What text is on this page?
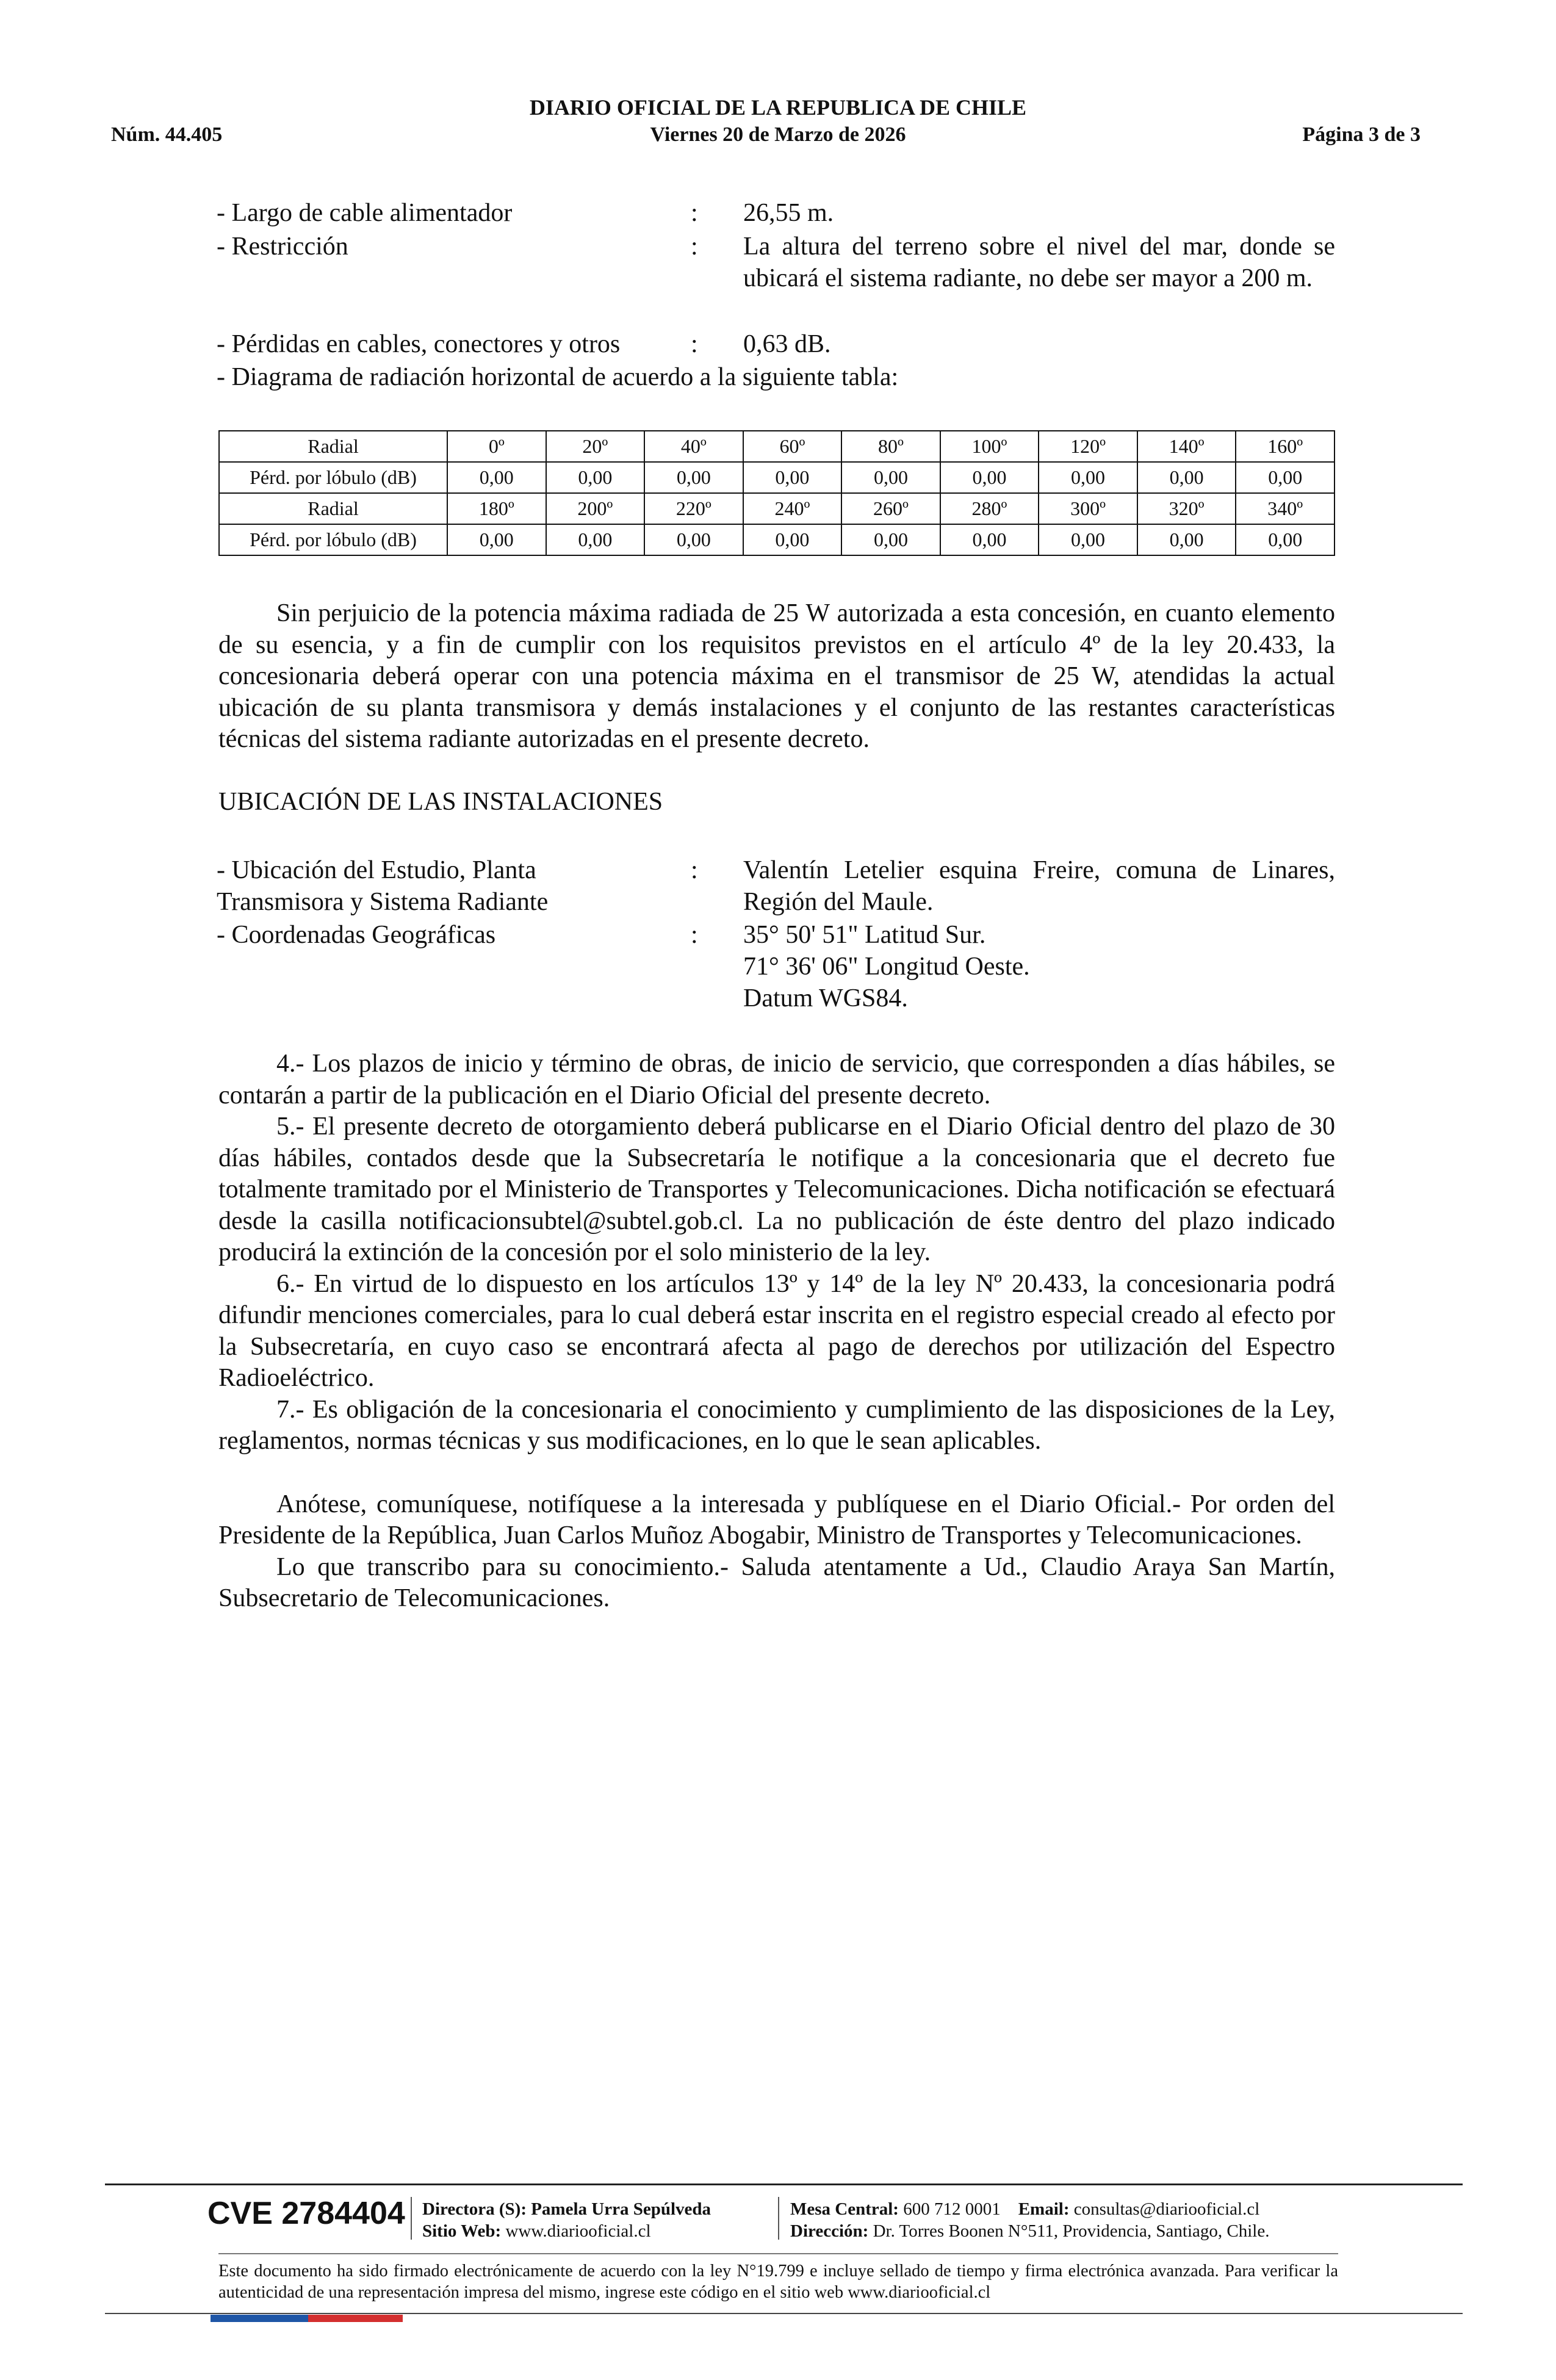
DIARIO OFICIAL DE LA REPUBLICA DE CHILE
Núm. 44.405	Viernes 20 de Marzo de 2026	Página 3 de 3
- Largo de cable alimentador	: 26,55 m.
- Restricción	: La altura del terreno sobre el nivel del mar, donde se ubicará el sistema radiante, no debe ser mayor a 200 m.
- Pérdidas en cables, conectores y otros	: 0,63 dB.
- Diagrama de radiación horizontal de acuerdo a la siguiente tabla:
Radial	0º	20º	40º	60º	80º	100º	120º	140º	160º
Pérd. por lóbulo (dB)	0,00	0,00	0,00	0,00	0,00	0,00	0,00	0,00	0,00
Radial	180º	200º	220º	240º	260º	280º	300º	320º	340º
Pérd. por lóbulo (dB)	0,00	0,00	0,00	0,00	0,00	0,00	0,00	0,00	0,00

Sin perjuicio de la potencia máxima radiada de 25 W autorizada a esta concesión, en cuanto elemento de su esencia, y a fin de cumplir con los requisitos previstos en el artículo 4º de la ley 20.433, la concesionaria deberá operar con una potencia máxima en el transmisor de 25 W, atendidas la actual ubicación de su planta transmisora y demás instalaciones y el conjunto de las restantes características técnicas del sistema radiante autorizadas en el presente decreto.

UBICACIÓN DE LAS INSTALACIONES
- Ubicación del Estudio, Planta
Transmisora y Sistema Radiante
: Valentín Letelier esquina Freire, comuna de Linares, Región del Maule.
- Coordenadas Geográficas	: 35° 50' 51" Latitud Sur.
71° 36' 06" Longitud Oeste.
Datum WGS84.

4.- Los plazos de inicio y término de obras, de inicio de servicio, que corresponden a días hábiles, se contarán a partir de la publicación en el Diario Oficial del presente decreto.

5.- El presente decreto de otorgamiento deberá publicarse en el Diario Oficial dentro del plazo de 30 días hábiles, contados desde que la Subsecretaría le notifique a la concesionaria que el decreto fue totalmente tramitado por el Ministerio de Transportes y Telecomunicaciones. Dicha notificación se efectuará desde la casilla notificacionsubtel@subtel.gob.cl. La no publicación de éste dentro del plazo indicado producirá la extinción de la concesión por el solo ministerio de la ley.

6.- En virtud de lo dispuesto en los artículos 13º y 14º de la ley Nº 20.433, la concesionaria podrá difundir menciones comerciales, para lo cual deberá estar inscrita en el registro especial creado al efecto por la Subsecretaría, en cuyo caso se encontrará afecta al pago de derechos por utilización del Espectro Radioeléctrico.

7.- Es obligación de la concesionaria el conocimiento y cumplimiento de las disposiciones de la Ley, reglamentos, normas técnicas y sus modificaciones, en lo que le sean aplicables.

Anótese, comuníquese, notifíquese a la interesada y publíquese en el Diario Oficial.- Por orden del Presidente de la República, Juan Carlos Muñoz Abogabir, Ministro de Transportes y Telecomunicaciones.

Lo que transcribo para su conocimiento.- Saluda atentamente a Ud., Claudio Araya San Martín, Subsecretario de Telecomunicaciones.

CVE 2784404 Directora (S): Pamela Urra Sepúlveda
Sitio Web: www.diariooficial.cl
Mesa Central: 600 712 0001 Email: consultas@diariooficial.cl
Dirección: Dr. Torres Boonen N°511, Providencia, Santiago, Chile.
Este documento ha sido firmado electrónicamente de acuerdo con la ley N°19.799 e incluye sellado de tiempo y firma electrónica avanzada. Para verificar la autenticidad de una representación impresa del mismo, ingrese este código en el sitio web www.diariooficial.cl
